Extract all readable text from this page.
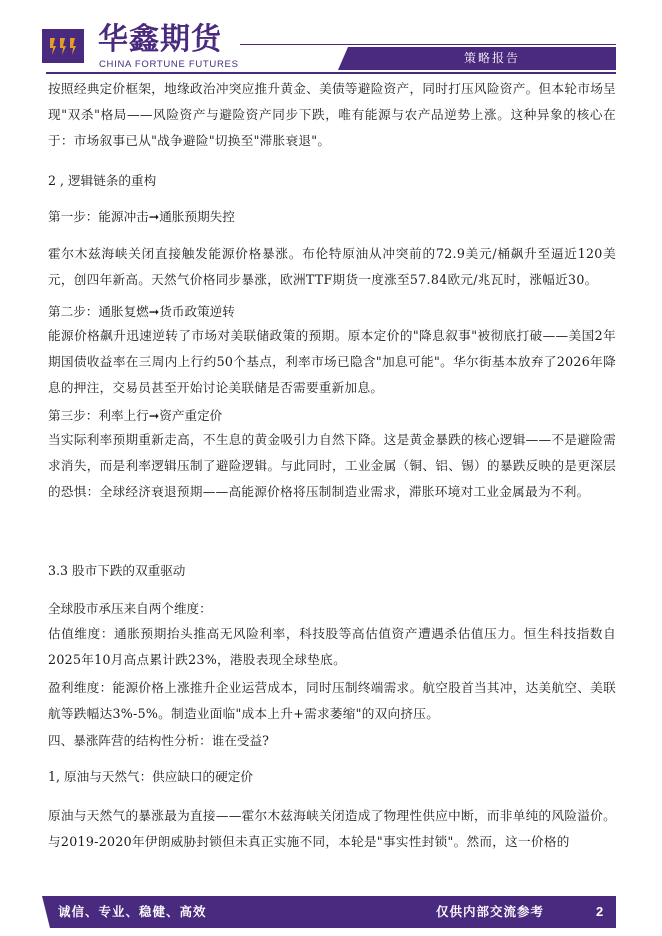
华鑫期货
CHINA FORTUNE FUTURES	策略报告
按照经典定价框架，地缘政治冲突应推升黄金、美债等避险资产，同时打压风险资产。但本轮市场呈现"双杀"格局——风险资产与避险资产同步下跌，唯有能源与农产品逆势上涨。这种异象的核心在于：市场叙事已从"战争避险"切换至"滞胀衰退"。
2 , 逻辑链条的重构
第一步：能源冲击➞通胀预期失控
霍尔木兹海峡关闭直接触发能源价格暴涨。布伦特原油从冲突前的72.9美元/桶飙升至逼近120美元，创四年新高。天然气价格同步暴涨，欧洲TTF期货一度涨至57.84欧元/兆瓦时，涨幅近30。
第二步：通胀复燃➞货币政策逆转
能源价格飙升迅速逆转了市场对美联储政策的预期。原本定价的"降息叙事"被彻底打破——美国2年期国债收益率在三周内上行约50个基点，利率市场已隐含"加息可能"。华尔街基本放弃了2026年降息的押注，交易员甚至开始讨论美联储是否需要重新加息。
第三步：利率上行➞资产重定价
当实际利率预期重新走高，不生息的黄金吸引力自然下降。这是黄金暴跌的核心逻辑——不是避险需求消失，而是利率逻辑压制了避险逻辑。与此同时，工业金属（铜、铝、锡）的暴跌反映的是更深层的恐惧：全球经济衰退预期——高能源价格将压制制造业需求，滞胀环境对工业金属最为不利。
3.3 股市下跌的双重驱动
全球股市承压来自两个维度：
估值维度：通胀预期抬头推高无风险利率，科技股等高估值资产遭遇杀估值压力。恒生科技指数自2025年10月高点累计跌23%，港股表现全球垫底。
盈利维度：能源价格上涨推升企业运营成本，同时压制终端需求。航空股首当其冲，达美航空、美联航等跌幅达3%-5%。制造业面临"成本上升+需求萎缩"的双向挤压。
四、暴涨阵营的结构性分析：谁在受益?
1, 原油与天然气：供应缺口的硬定价
原油与天然气的暴涨最为直接——霍尔木兹海峡关闭造成了物理性供应中断，而非单纯的风险溢价。与2019-2020年伊朗威胁封锁但未真正实施不同，本轮是"事实性封锁"。然而，这一价格的
诚信、专业、稳健、高效	仅供内部交流参考	2
